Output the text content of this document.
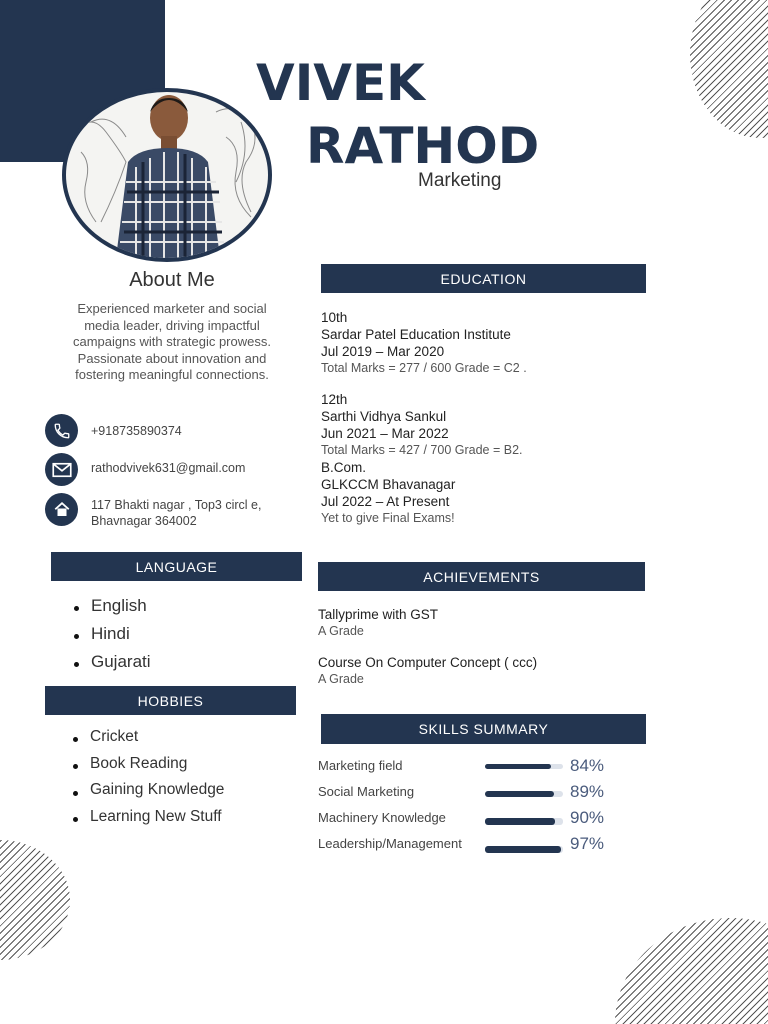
VIVEK
RATHOD
Marketing
About Me
Experienced marketer and social media leader, driving impactful campaigns with strategic prowess. Passionate about innovation and fostering meaningful connections.
+918735890374
rathodvivek631@gmail.com
117 Bhakti nagar , Top3 circl e,
Bhavnagar 364002
LANGUAGE
English
Hindi
Gujarati
HOBBIES
Cricket
Book Reading
Gaining Knowledge
Learning New Stuff
EDUCATION
10th
Sardar Patel Education Institute
Jul 2019 – Mar 2020
Total Marks = 277 / 600 Grade = C2 .
12th
Sarthi Vidhya Sankul
Jun 2021 – Mar 2022
Total Marks = 427 / 700 Grade = B2.
B.Com.
GLKCCM Bhavanagar
Jul 2022 – At Present
Yet to give Final Exams!
ACHIEVEMENTS
Tallyprime with GST
A Grade
Course On Computer Concept ( ccc)
A Grade
SKILLS SUMMARY
Marketing field	84%
Social Marketing	89%
Machinery Knowledge	90%
Leadership/Management	97%
